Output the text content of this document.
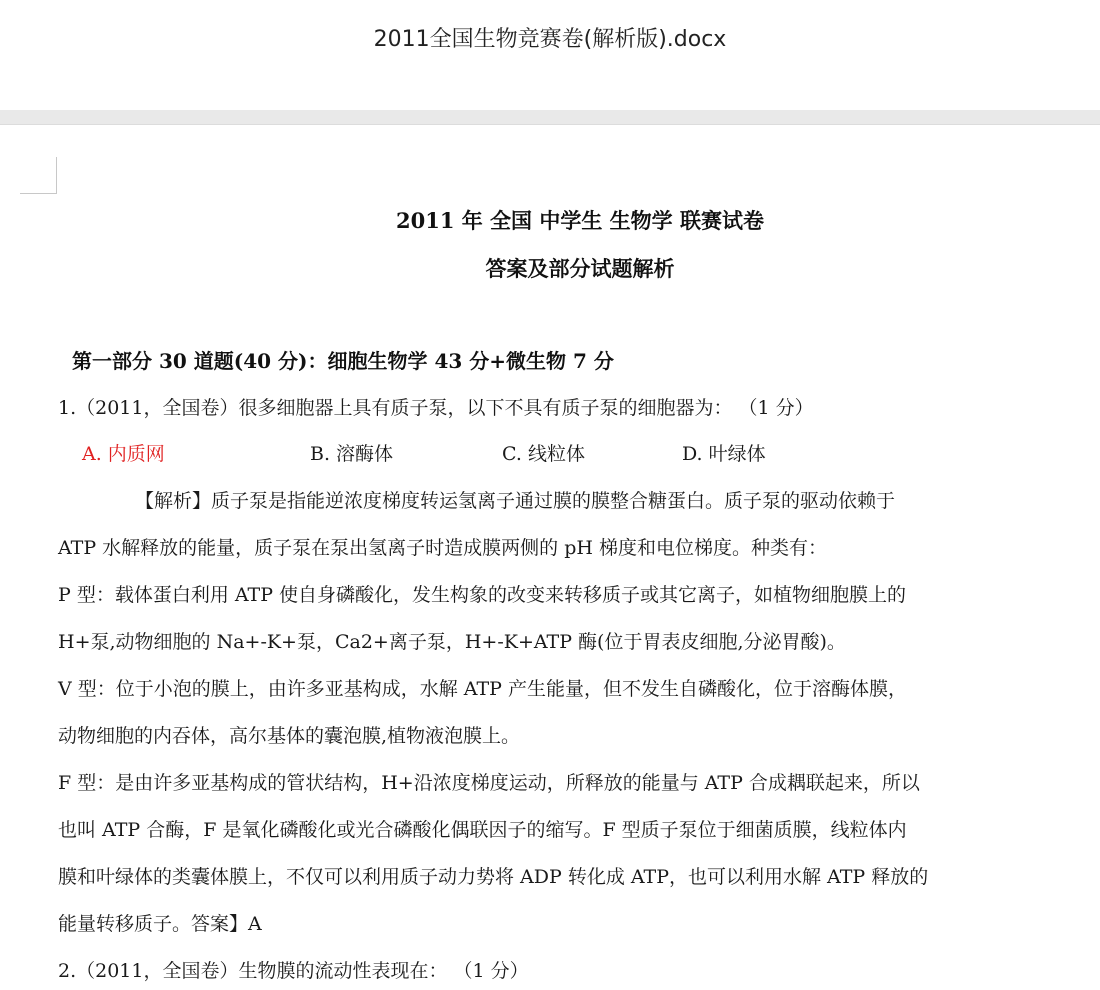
2011全国生物竞赛卷(解析版).docx
2011 年 全国 中学生 生物学 联赛试卷
答案及部分试题解析
第一部分 30 道题(40 分)：细胞生物学 43 分+微生物 7 分
1.（2011，全国卷）很多细胞器上具有质子泵，以下不具有质子泵的细胞器为： （1 分）
A. 内质网	B. 溶酶体	C. 线粒体	D. 叶绿体
【解析】质子泵是指能逆浓度梯度转运氢离子通过膜的膜整合糖蛋白。质子泵的驱动依赖于
ATP 水解释放的能量，质子泵在泵出氢离子时造成膜两侧的 pH 梯度和电位梯度。种类有：
P 型：载体蛋白利用 ATP 使自身磷酸化，发生构象的改变来转移质子或其它离子，如植物细胞膜上的
H+泵,动物细胞的 Na+-K+泵，Ca2+离子泵，H+-K+ATP 酶(位于胃表皮细胞,分泌胃酸)。
V 型：位于小泡的膜上，由许多亚基构成，水解 ATP 产生能量，但不发生自磷酸化，位于溶酶体膜，
动物细胞的内吞体，高尔基体的囊泡膜,植物液泡膜上。
F 型：是由许多亚基构成的管状结构，H+沿浓度梯度运动，所释放的能量与 ATP 合成耦联起来，所以
也叫 ATP 合酶，F 是氧化磷酸化或光合磷酸化偶联因子的缩写。F 型质子泵位于细菌质膜，线粒体内
膜和叶绿体的类囊体膜上，不仅可以利用质子动力势将 ADP 转化成 ATP，也可以利用水解 ATP 释放的
能量转移质子。答案】A
2.（2011，全国卷）生物膜的流动性表现在： （1 分）
